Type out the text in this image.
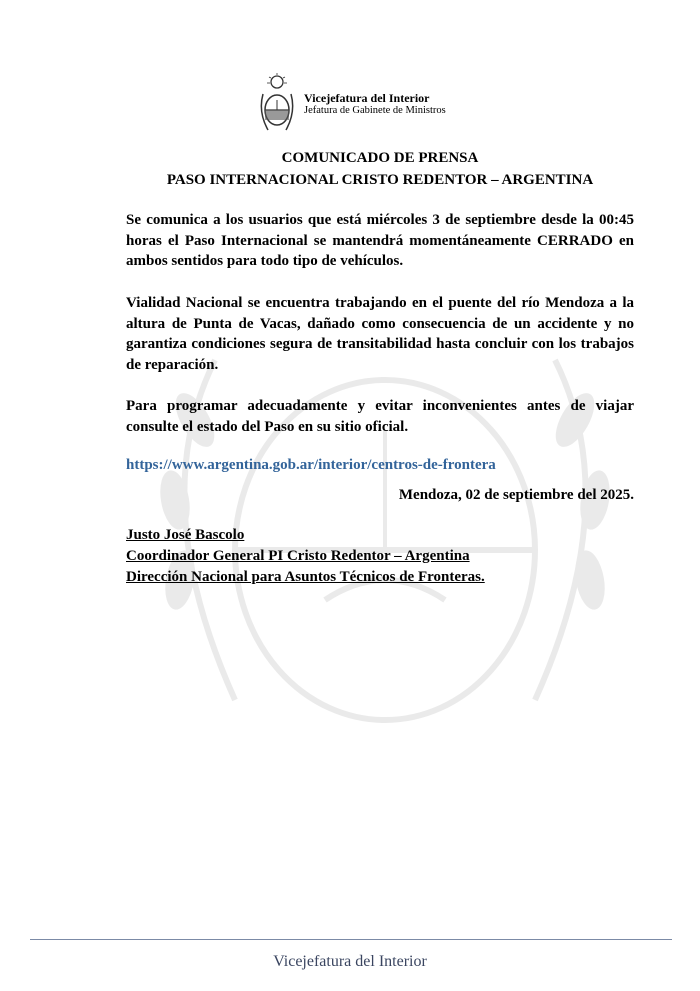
Vicejefatura del Interior
Jefatura de Gabinete de Ministros
COMUNICADO DE PRENSA
PASO INTERNACIONAL CRISTO REDENTOR – ARGENTINA

Se comunica a los usuarios que está miércoles 3 de septiembre desde la 00:45 horas el Paso Internacional se mantendrá momentáneamente CERRADO en ambos sentidos para todo tipo de vehículos.

Vialidad Nacional se encuentra trabajando en el puente del río Mendoza a la altura de Punta de Vacas, dañado como consecuencia de un accidente y no garantiza condiciones segura de transitabilidad hasta concluir con los trabajos de reparación.

Para programar adecuadamente y evitar inconvenientes antes de viajar consulte el estado del Paso en su sitio oficial.

https://www.argentina.gob.ar/interior/centros-de-frontera
Mendoza, 02 de septiembre del 2025.
Justo José Bascolo
Coordinador General PI Cristo Redentor – Argentina
Dirección Nacional para Asuntos Técnicos de Fronteras.
Vicejefatura del Interior
